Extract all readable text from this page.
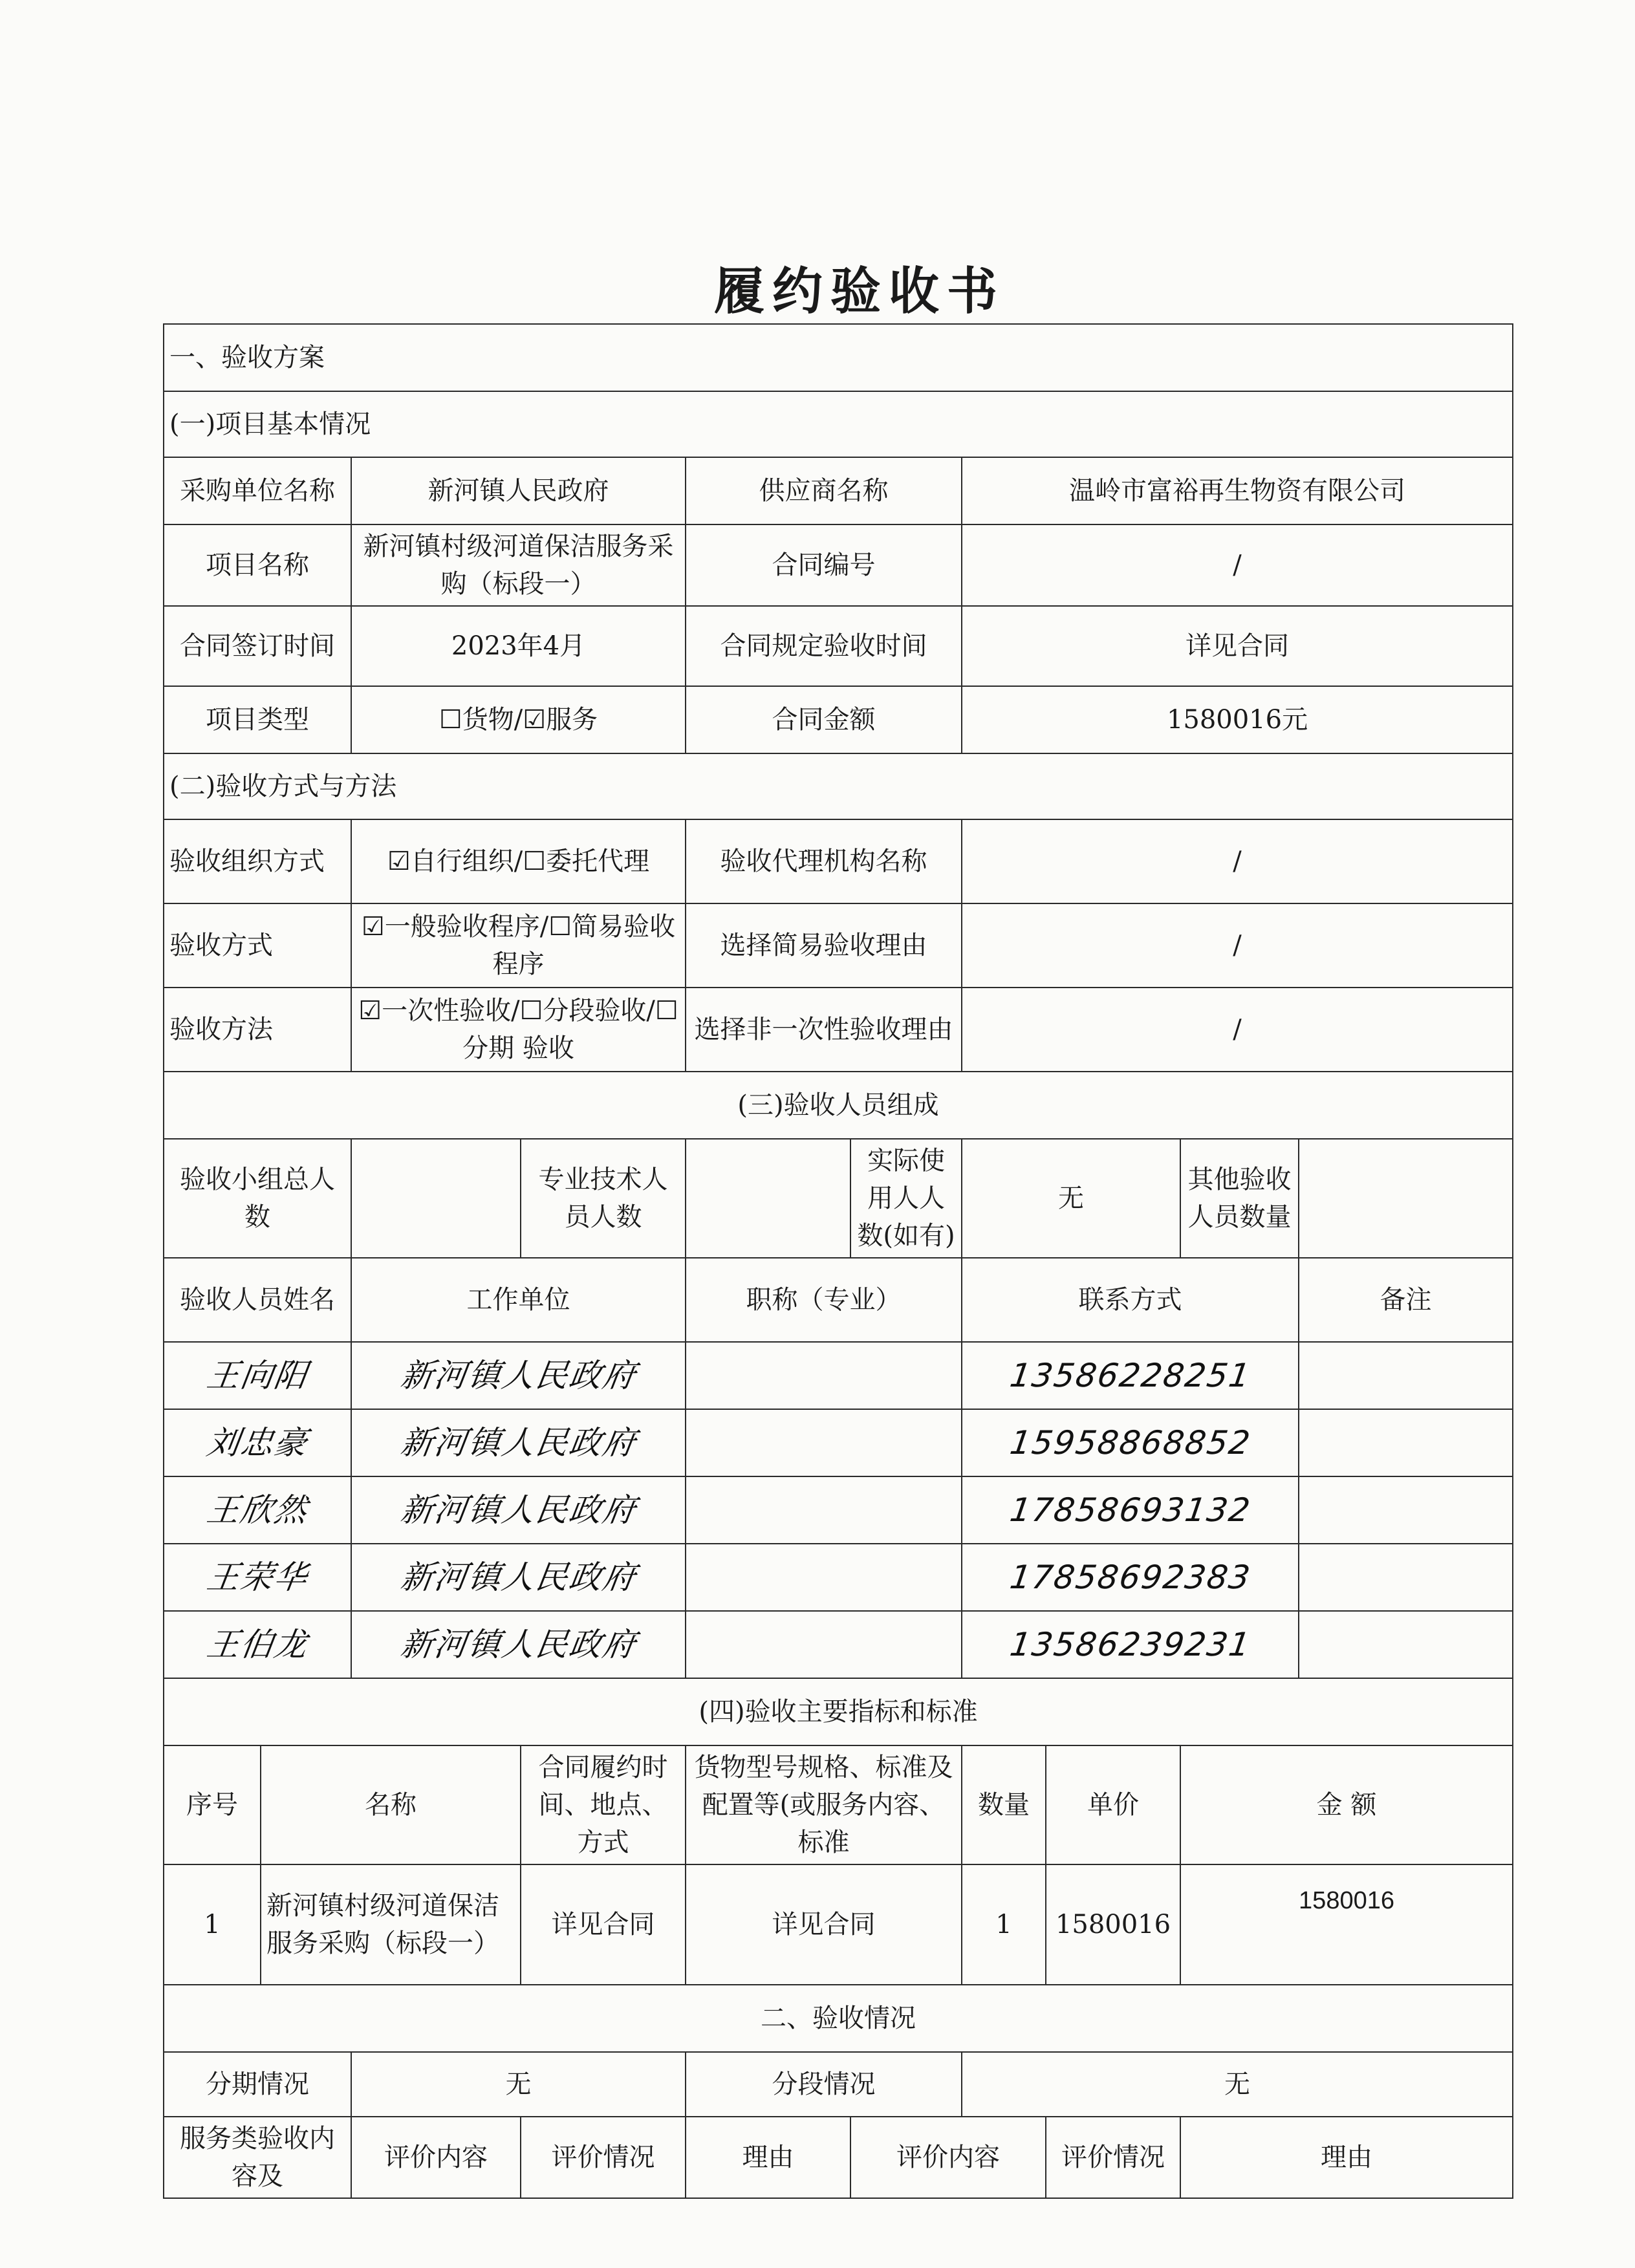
履约验收书
一、验收方案									
(一)项目基本情况									
采购单位名称		新河镇人民政府		供应商名称		温岭市富裕再生物资有限公司			
项目名称		新河镇村级河道保洁服务采购（标段一）		合同编号		/			
合同签订时间		2023年4月		合同规定验收时间		详见合同			
项目类型		☐货物/☑服务		合同金额		1580016元			
(二)验收方式与方法									
验收组织方式		☑自行组织/☐委托代理		验收代理机构名称		/			
验收方式		☑一般验收程序/☐简易验收程序		选择简易验收理由		/			
验收方法		☑一次性验收/☐分段验收/☐分期 验收		选择非一次性验收理由		/			
(三)验收人员组成									
验收小组总人数			专业技术人员人数		实际使用人人数(如有)	无		其他验收人员数量	
验收人员姓名		工作单位		职称（专业）		联系方式			备注
王向阳		新河镇人民政府				13586228251			
刘忠豪		新河镇人民政府				15958868852			
王欣然		新河镇人民政府				17858693132			
王荣华		新河镇人民政府				17858692383			
王伯龙		新河镇人民政府				13586239231			
(四)验收主要指标和标准									
序号	名称		合同履约时间、地点、方式	货物型号规格、标准及配置等(或服务内容、标准		数量	单价	金 额	
1	新河镇村级河道保洁服务采购（标段一）		详见合同	详见合同		1	1580016	1580016	
二、验收情况									
分期情况		无		分段情况		无			
服务类验收内容及		评价内容	评价情况	理由	评价内容		评价情况	理由	
